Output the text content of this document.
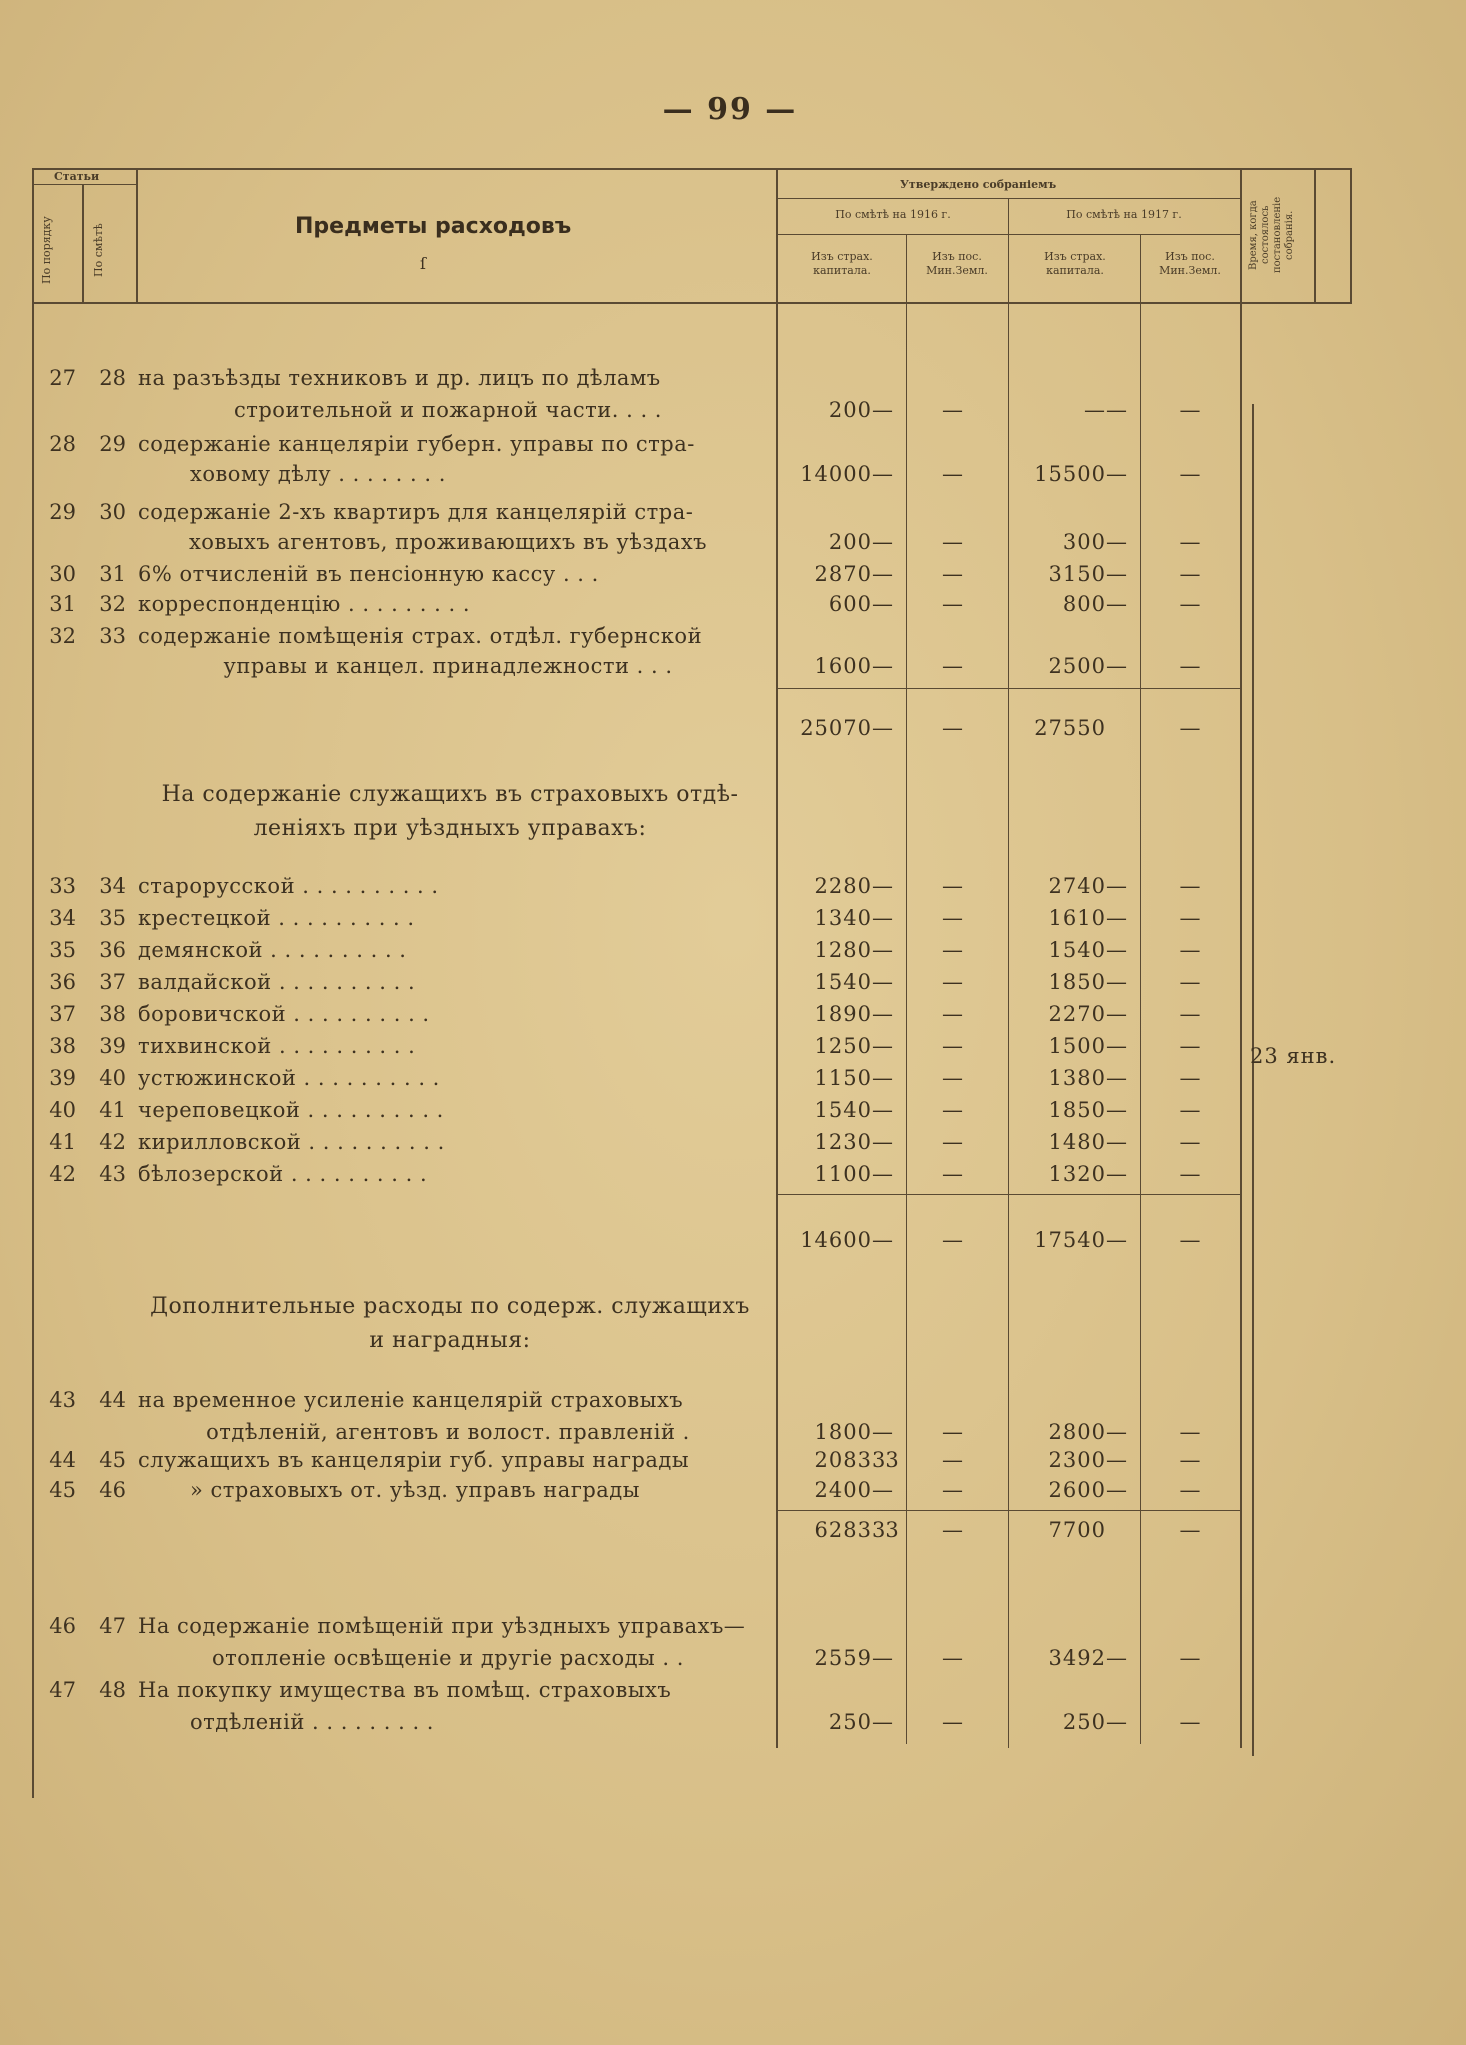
— 99 —
Статьи
По порядку	По смѣтѣ	Предметы расходовъ
ſ
Утверждено собраніемъ
По смѣтѣ на 1916 г.	По смѣтѣ на 1917 г.
Изъ страх. капитала.
Изъ пос. Мин.Земл.
Изъ страх. капитала.
Изъ пос. Мин.Земл.
Время, когда состоялось постановленіе собранія.
27	28 на разъѣзды техниковъ и др. лицъ по дѣламъ
строительной и пожарной части. . . .	200 —	—	— —	—
28	29 содержаніе канцеляріи губерн. управы по стра-
ховому дѣлу . . . . . . . .	14000 —	—	15500 —	—
29	30 содержаніе 2-хъ квартиръ для канцелярій стра-
ховыхъ агентовъ, проживающихъ въ уѣздахъ	200 —	—	300 —	—
30	31 6% отчисленій въ пенсіонную кассу . . .	2870 —	—	3150 —	—
31	32 корреспонденцію . . . . . . . . .	600 —	—	800 —	—
32	33 содержаніе помѣщенія страх. отдѣл. губернской
управы и канцел. принадлежности . . .	1600 —	—	2500 —	—
25070 —	—	27550	—
На содержаніе служащихъ въ страховыхъ отдѣ-
леніяхъ при уѣздныхъ управахъ:
33	34 старорусской . . . . . . . . . .	2280 —	—	2740 —	—
34	35 крестецкой . . . . . . . . . .	1340 —	—	1610 —	—
35	36 демянской . . . . . . . . . .	1280 —	—	1540 —	—
36	37 валдайской . . . . . . . . . .	1540 —	—	1850 —	—
37	38 боровичской . . . . . . . . . .	1890 —	—	2270 —	—
38	39 тихвинской . . . . . . . . . .	1250 —	—	1500 —	—
39	40 устюжинской . . . . . . . . . .	1150 —	—	1380 —	—
40	41 череповецкой . . . . . . . . . .	1540 —	—	1850 —	—
41	42 кирилловской . . . . . . . . . .	1230 —	—	1480 —	—
42	43 бѣлозерской . . . . . . . . . .	1100 —	—	1320 —	—
23 янв.
14600 —	—	17540 —	—
Дополнительные расходы по содерж. служащихъ
и наградныя:
43	44 на временное усиленіе канцелярій страховыхъ
отдѣленій, агентовъ и волост. правленій .	1800 —	—	2800 —	—
44	45 служащихъ въ канцеляріи губ. управы награды	2083 33	—	2300 —	—
45	46	» страховыхъ от. уѣзд. управъ награды	2400 —	—	2600 —	—
6283 33	—	7700	—
46	47 На содержаніе помѣщеній при уѣздныхъ управахъ—
отопленіе освѣщеніе и другіе расходы . .	2559 —	—	3492 —	—
47	48 На покупку имущества въ помѣщ. страховыхъ
отдѣленій . . . . . . . . .	250 —	—	250 —	—
